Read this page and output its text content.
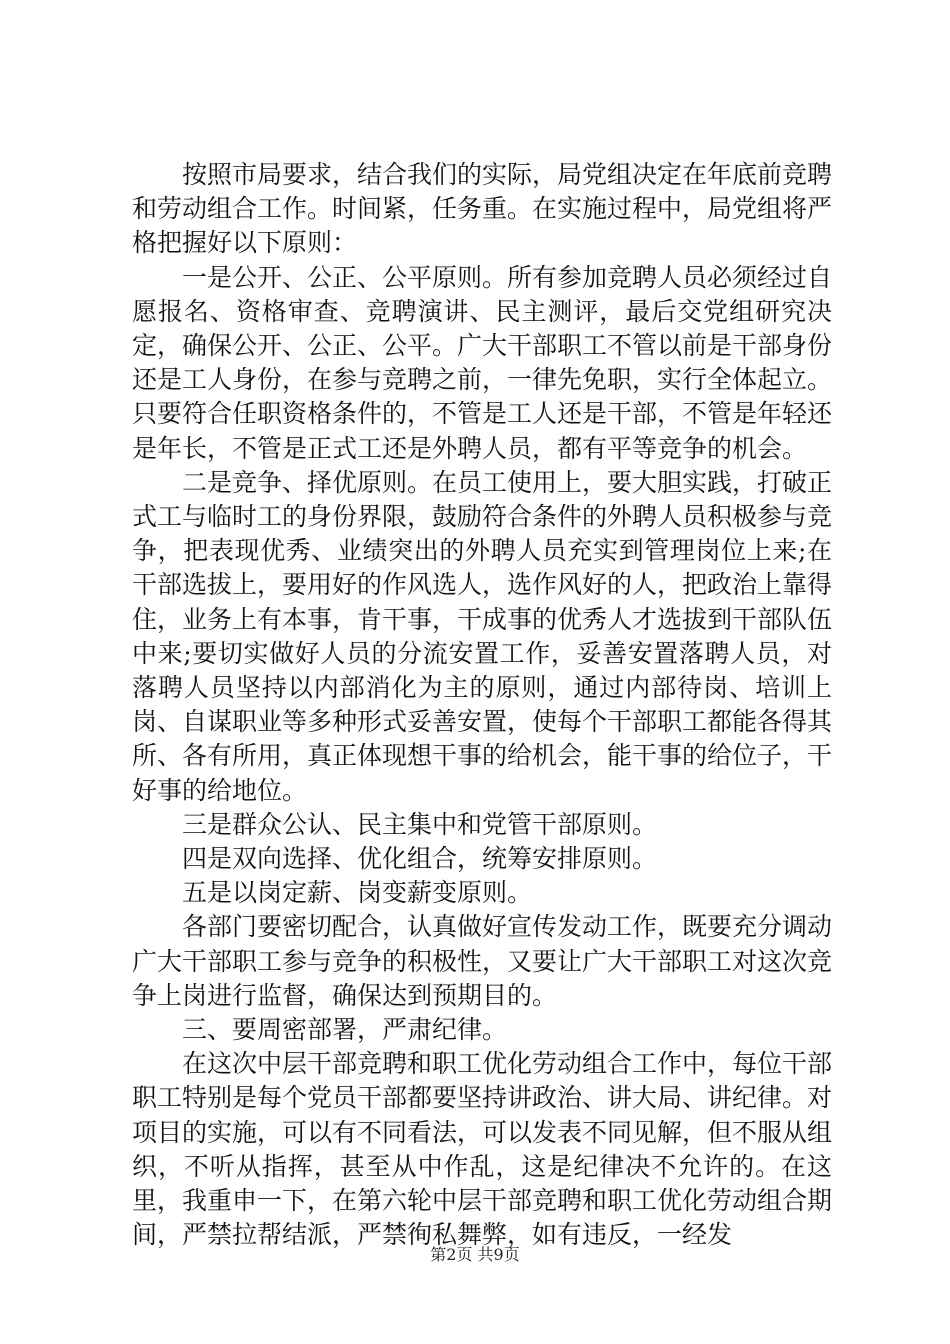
按照市局要求，结合我们的实际，局党组决定在年底前竞聘和劳动组合工作。时间紧，任务重。在实施过程中，局党组将严格把握好以下原则：

一是公开、公正、公平原则。所有参加竞聘人员必须经过自愿报名、资格审查、竞聘演讲、民主测评，最后交党组研究决定，确保公开、公正、公平。广大干部职工不管以前是干部身份还是工人身份，在参与竞聘之前，一律先免职，实行全体起立。只要符合任职资格条件的，不管是工人还是干部，不管是年轻还是年长，不管是正式工还是外聘人员，都有平等竞争的机会。

二是竞争、择优原则。在员工使用上，要大胆实践，打破正式工与临时工的身份界限，鼓励符合条件的外聘人员积极参与竞争，把表现优秀、业绩突出的外聘人员充实到管理岗位上来;在干部选拔上，要用好的作风选人，选作风好的人，把政治上靠得住，业务上有本事，肯干事，干成事的优秀人才选拔到干部队伍中来;要切实做好人员的分流安置工作，妥善安置落聘人员，对落聘人员坚持以内部消化为主的原则，通过内部待岗、培训上岗、自谋职业等多种形式妥善安置，使每个干部职工都能各得其所、各有所用，真正体现想干事的给机会，能干事的给位子，干好事的给地位。

三是群众公认、民主集中和党管干部原则。

四是双向选择、优化组合，统筹安排原则。

五是以岗定薪、岗变薪变原则。

各部门要密切配合，认真做好宣传发动工作，既要充分调动广大干部职工参与竞争的积极性，又要让广大干部职工对这次竞争上岗进行监督，确保达到预期目的。

三、要周密部署，严肃纪律。

在这次中层干部竞聘和职工优化劳动组合工作中，每位干部职工特别是每个党员干部都要坚持讲政治、讲大局、讲纪律。对项目的实施，可以有不同看法，可以发表不同见解，但不服从组织，不听从指挥，甚至从中作乱，这是纪律决不允许的。在这里，我重申一下，在第六轮中层干部竞聘和职工优化劳动组合期间，严禁拉帮结派，严禁徇私舞弊，如有违反，一经发

第2页 共9页
